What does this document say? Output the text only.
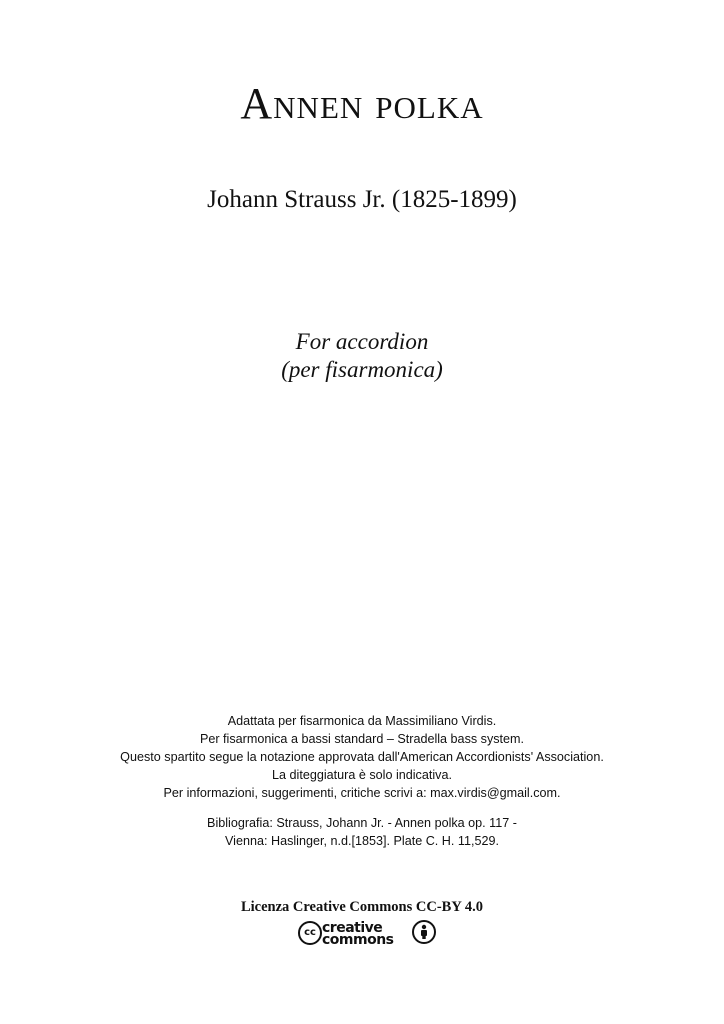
Annen polka
Johann Strauss Jr. (1825-1899)
For accordion
(per fisarmonica)
Adattata per fisarmonica da Massimiliano Virdis.
Per fisarmonica a bassi standard – Stradella bass system.
Questo spartito segue la notazione approvata dall'American Accordionists' Association.
La diteggiatura è solo indicativa.
Per informazioni, suggerimenti, critiche scrivi a: max.virdis@gmail.com.
Bibliografia: Strauss, Johann Jr. - Annen polka op. 117 -
Vienna: Haslinger, n.d.[1853]. Plate C. H. 11,529.
Licenza Creative Commons CC-BY 4.0
cc creative
commons
